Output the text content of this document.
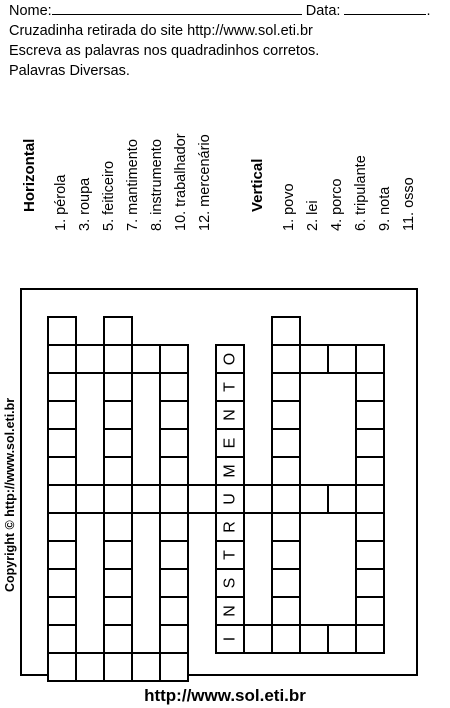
Nome:	Data:	.
Cruzadinha retirada do site http://www.sol.eti.br
Escreva as palavras nos quadradinhos corretos.
Palavras Diversas.
Horizontal 1. pérola 3. roupa 5. feiticeiro 7. mantimento 8. instrumento 10. trabalhador 12. mercenário Vertical 1. povo 2. lei 4. porco 6. tripulante 9. nota 11. osso
I
N
S
T
R
U
M
E
N
T
O
Copyright © http://www.sol.eti.br
http://www.sol.eti.br
